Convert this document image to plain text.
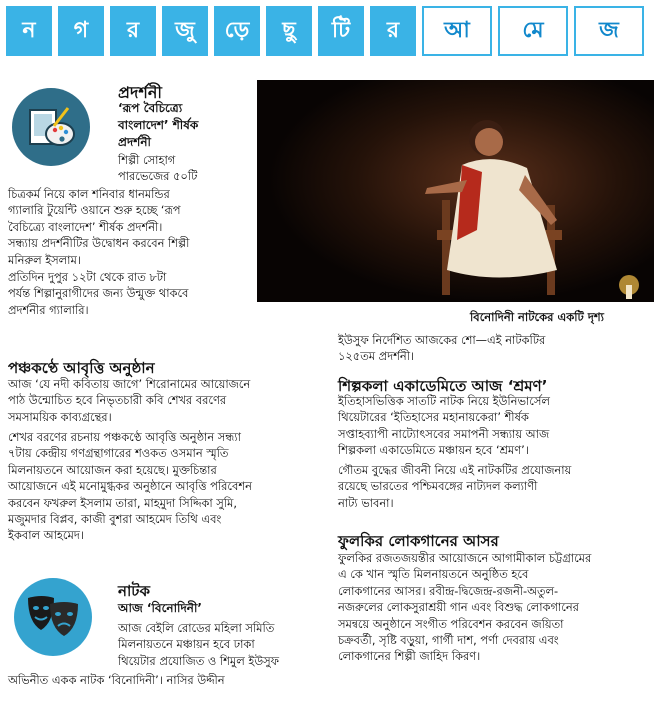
ন	গ	র	জু	ড়ে	ছু	টি	র	আ	মে	জ
প্রদর্শনী
‘রূপ বৈচিত্র্যে
বাংলাদেশ’ শীর্ষক
প্রদর্শনী
শিল্পী সোহাগ
পারভেজের ৫০টি
চিত্রকর্ম নিয়ে কাল শনিবার ধানমন্ডির
গ্যালারি টুয়েন্টি ওয়ানে শুরু হচ্ছে ‘রূপ
বৈচিত্র্যে বাংলাদেশ’ শীর্ষক প্রদর্শনী।
সন্ধ্যায় প্রদর্শনীটির উদ্বোধন করবেন শিল্পী
মনিরুল ইসলাম।
প্রতিদিন দুপুর ১২টা থেকে রাত ৮টা
পর্যন্ত শিল্পানুরাগীদের জন্য উন্মুক্ত থাকবে
প্রদর্শনীর গ্যালারি।
বিনোদিনী নাটকের একটি দৃশ্য
পঞ্চকণ্ঠে আবৃত্তি অনুষ্ঠান
আজ ‘যে নদী কবিতায় জাগে’ শিরোনামের আয়োজনে
পাঠ উন্মোচিত হবে নিভৃতচারী কবি শেখর বরণের
সমসাময়িক কাব্যগ্রন্থের।
শেখর বরণের রচনায় পঞ্চকণ্ঠে আবৃত্তি অনুষ্ঠান সন্ধ্যা
৭টায় কেন্দ্রীয় গণগ্রন্থাগারের শওকত ওসমান স্মৃতি
মিলনায়তনে আয়োজন করা হয়েছে। মুক্তচিন্তার
আয়োজনে এই মনোমুগ্ধকর অনুষ্ঠানে আবৃত্তি পরিবেশন
করবেন ফখরুল ইসলাম তারা, মাহমুদা সিদ্দিকা সুমি,
মজুমদার বিপ্লব, কাজী বুশরা আহমেদ তিথি এবং
ইকবাল আহমেদ।
নাটক
আজ ‘বিনোদিনী’
আজ বেইলি রোডের মহিলা সমিতি
মিলনায়তনে মঞ্চায়ন হবে ঢাকা
থিয়েটার প্রযোজিত ও শিমুল ইউসুফ
অভিনীত একক নাটক ‘বিনোদিনী’। নাসির উদ্দীন
ইউসুফ নির্দেশিত আজকের শো—এই নাটকটির
১২৫তম প্রদর্শনী।
শিল্পকলা একাডেমিতে আজ ‘শ্রমণ’
ইতিহাসভিত্তিক সাতটি নাটক নিয়ে ইউনিভার্সেল
থিয়েটারের ‘ইতিহাসের মহানায়কেরা’ শীর্ষক
সপ্তাহব্যাপী নাট্যোৎসবের সমাপনী সন্ধ্যায় আজ
শিল্পকলা একাডেমিতে মঞ্চায়ন হবে ‘শ্রমণ’।
গৌতম বুদ্ধের জীবনী নিয়ে এই নাটকটির প্রযোজনায়
রয়েছে ভারতের পশ্চিমবঙ্গের নাট্যদল কল্যাণী
নাট্য ভাবনা।
ফুলকির লোকগানের আসর
ফুলকির রজতজয়ন্তীর আয়োজনে আগামীকাল চট্টগ্রামের
এ কে খান স্মৃতি মিলনায়তনে অনুষ্ঠিত হবে
লোকগানের আসর। রবীন্দ্র-দ্বিজেন্দ্র-রজনী-অতুল-
নজরুলের লোকসুরাশ্রয়ী গান এবং বিশুদ্ধ লোকগানের
সমন্বয়ে অনুষ্ঠানে সংগীত পরিবেশন করবেন জয়িতা
চক্রবর্তী, সৃষ্টি বড়ুয়া, গার্গী দাশ, পর্ণা দেবরায় এবং
লোকগানের শিল্পী জাহিদ কিরণ।
